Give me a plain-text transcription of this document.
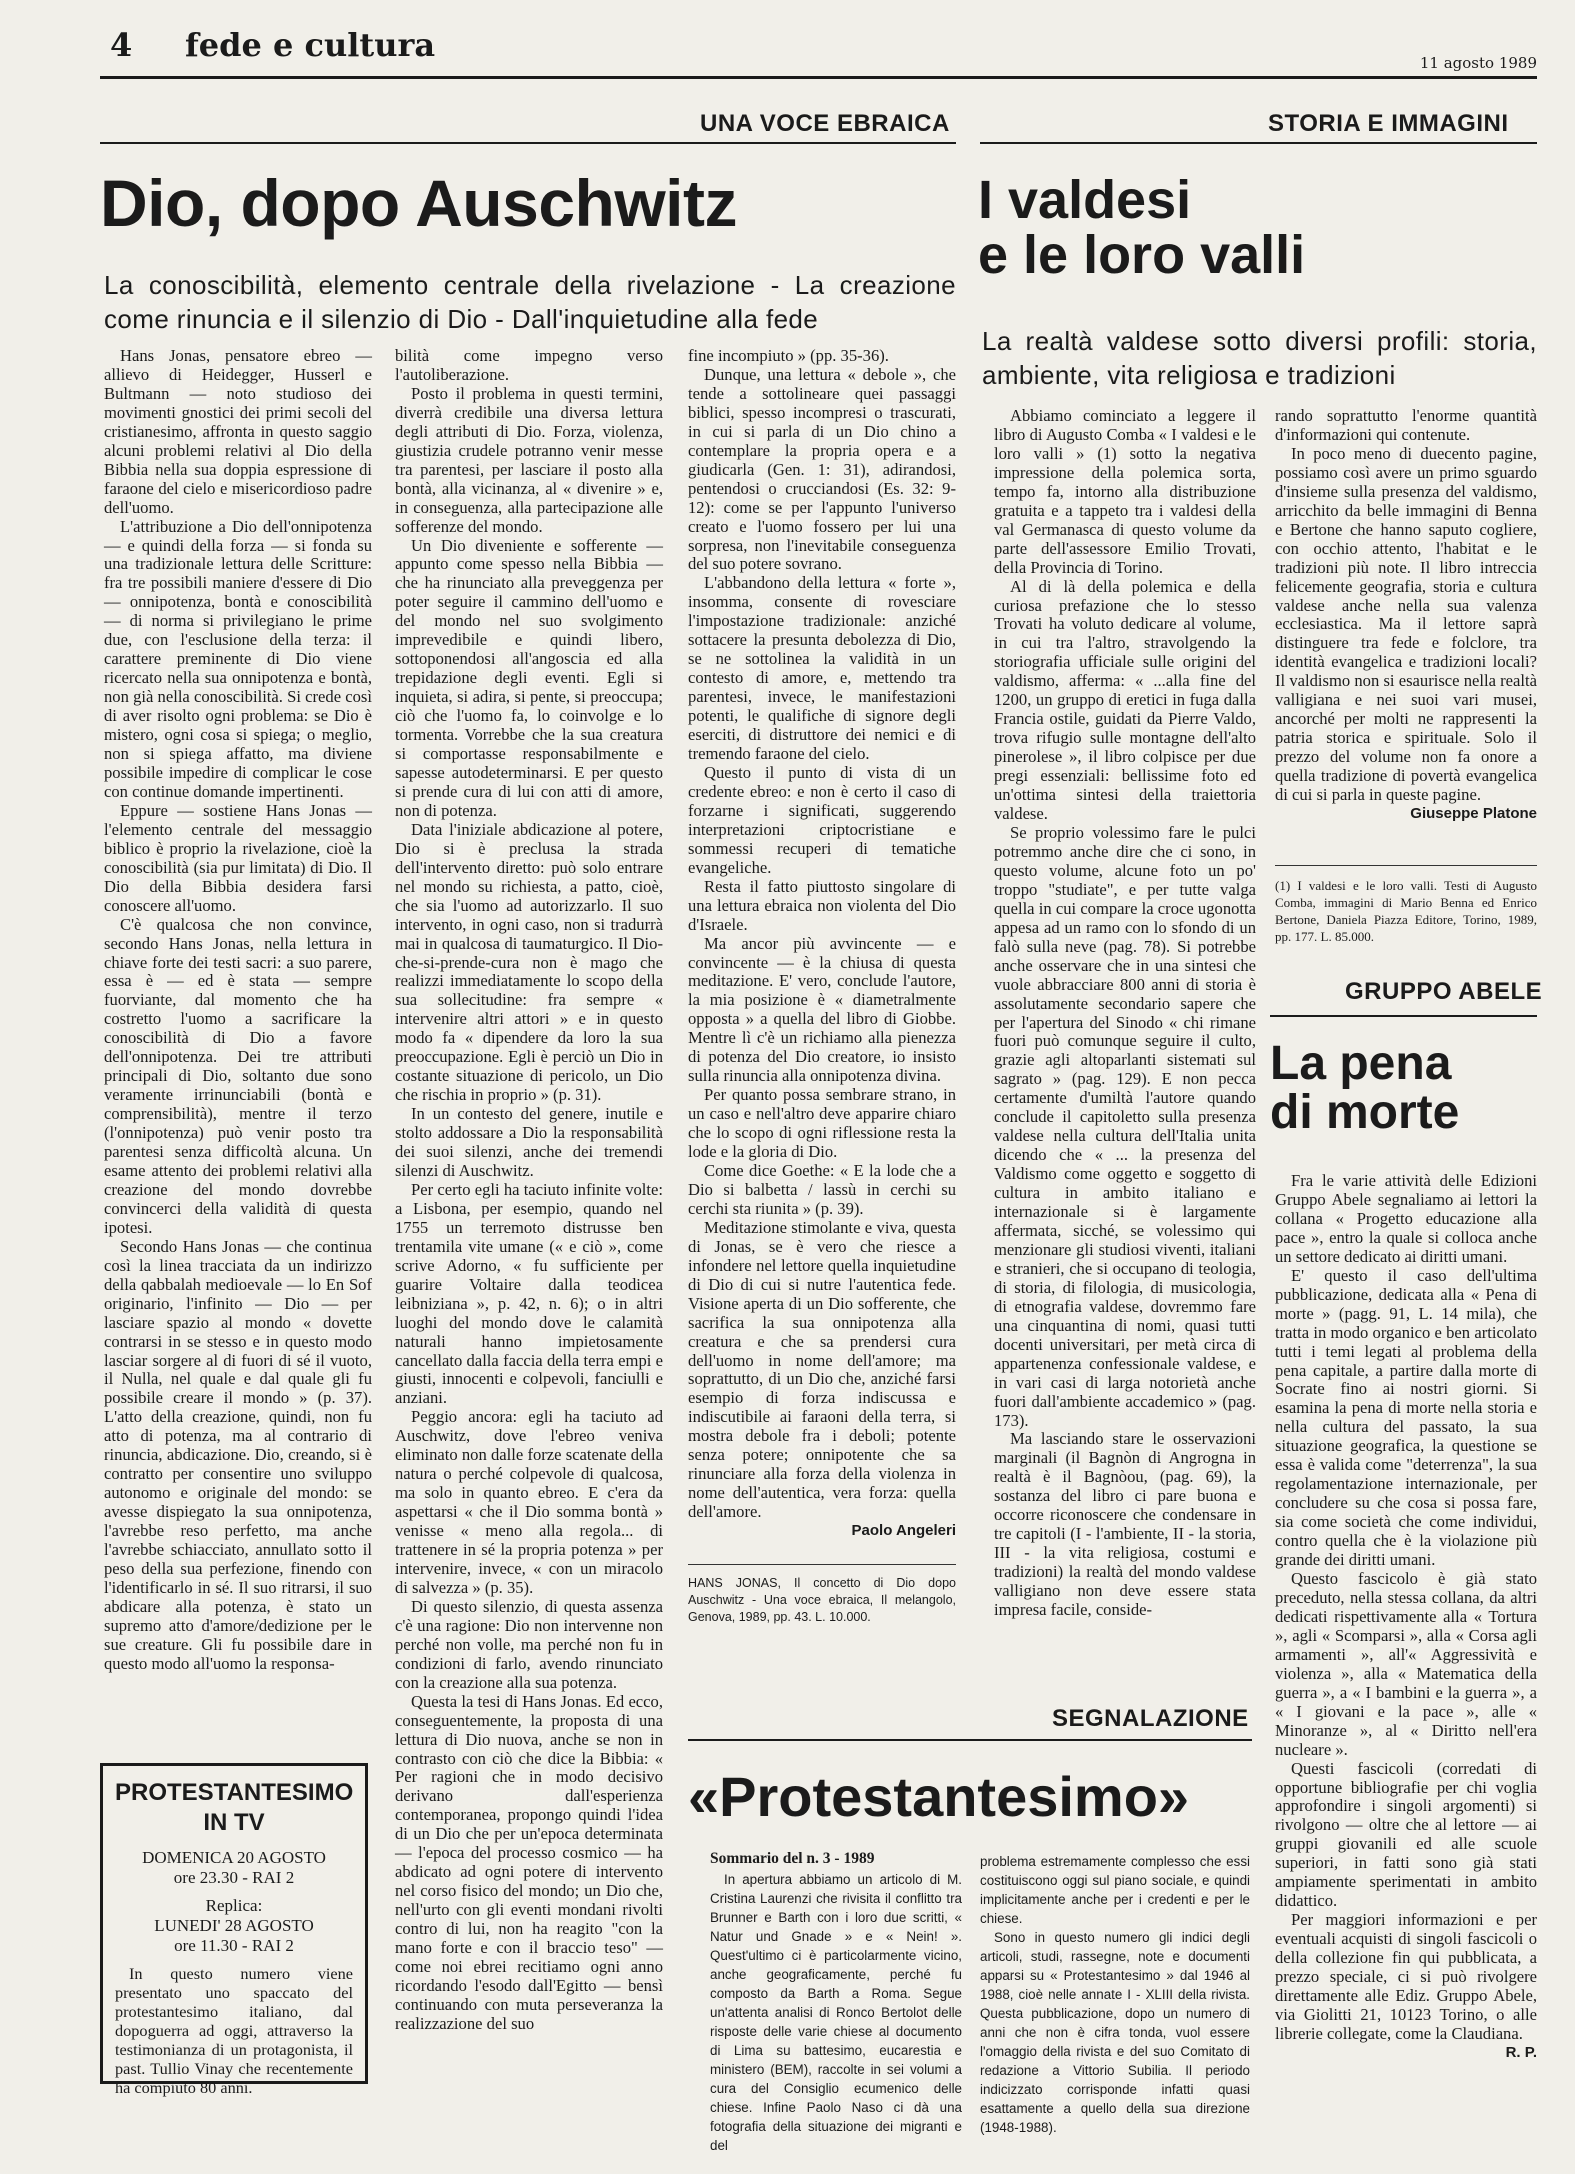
4 fede e cultura	11 agosto 1989
UNA VOCE EBRAICA
Dio, dopo Auschwitz
La conoscibilità, elemento centrale della rivelazione - La creazione come rinuncia e il silenzio di Dio - Dall'inquietudine alla fede

Hans Jonas, pensatore ebreo — allievo di Heidegger, Husserl e Bultmann — noto studioso dei movimenti gnostici dei primi secoli del cristianesimo, affronta in questo saggio alcuni problemi relativi al Dio della Bibbia nella sua doppia espressione di faraone del cielo e misericordioso padre dell'uomo.

L'attribuzione a Dio dell'onnipotenza — e quindi della forza — si fonda su una tradizionale lettura delle Scritture: fra tre possibili maniere d'essere di Dio — onnipotenza, bontà e conoscibilità — di norma si privilegiano le prime due, con l'esclusione della terza: il carattere preminente di Dio viene ricercato nella sua onnipotenza e bontà, non già nella conoscibilità. Si crede così di aver risolto ogni problema: se Dio è mistero, ogni cosa si spiega; o meglio, non si spiega affatto, ma diviene possibile impedire di complicar le cose con continue domande impertinenti.

Eppure — sostiene Hans Jonas — l'elemento centrale del messaggio biblico è proprio la rivelazione, cioè la conoscibilità (sia pur limitata) di Dio. Il Dio della Bibbia desidera farsi conoscere all'uomo.

C'è qualcosa che non convince, secondo Hans Jonas, nella lettura in chiave forte dei testi sacri: a suo parere, essa è — ed è stata — sempre fuorviante, dal momento che ha costretto l'uomo a sacrificare la conoscibilità di Dio a favore dell'onnipotenza. Dei tre attributi principali di Dio, soltanto due sono veramente irrinunciabili (bontà e comprensibilità), mentre il terzo (l'onnipotenza) può venir posto tra parentesi senza difficoltà alcuna. Un esame attento dei problemi relativi alla creazione del mondo dovrebbe convincerci della validità di questa ipotesi.

Secondo Hans Jonas — che continua così la linea tracciata da un indirizzo della qabbalah medioevale — lo En Sof originario, l'infinito — Dio — per lasciare spazio al mondo « dovette contrarsi in se stesso e in questo modo lasciar sorgere al di fuori di sé il vuoto, il Nulla, nel quale e dal quale gli fu possibile creare il mondo » (p. 37). L'atto della creazione, quindi, non fu atto di potenza, ma al contrario di rinuncia, abdicazione. Dio, creando, si è contratto per consentire uno sviluppo autonomo e originale del mondo: se avesse dispiegato la sua onnipotenza, l'avrebbe reso perfetto, ma anche l'avrebbe schiacciato, annullato sotto il peso della sua perfezione, finendo con l'identificarlo in sé. Il suo ritrarsi, il suo abdicare alla potenza, è stato un supremo atto d'amore/dedizione per le sue creature. Gli fu possibile dare in questo modo all'uomo la responsa-

bilità come impegno verso l'autoliberazione.

Posto il problema in questi termini, diverrà credibile una diversa lettura degli attributi di Dio. Forza, violenza, giustizia crudele potranno venir messe tra parentesi, per lasciare il posto alla bontà, alla vicinanza, al « divenire » e, in conseguenza, alla partecipazione alle sofferenze del mondo.

Un Dio diveniente e sofferente — appunto come spesso nella Bibbia — che ha rinunciato alla preveggenza per poter seguire il cammino dell'uomo e del mondo nel suo svolgimento imprevedibile e quindi libero, sottoponendosi all'angoscia ed alla trepidazione degli eventi. Egli si inquieta, si adira, si pente, si preoccupa; ciò che l'uomo fa, lo coinvolge e lo tormenta. Vorrebbe che la sua creatura si comportasse responsabilmente e sapesse autodeterminarsi. E per questo si prende cura di lui con atti di amore, non di potenza.

Data l'iniziale abdicazione al potere, Dio si è preclusa la strada dell'intervento diretto: può solo entrare nel mondo su richiesta, a patto, cioè, che sia l'uomo ad autorizzarlo. Il suo intervento, in ogni caso, non si tradurrà mai in qualcosa di taumaturgico. Il Dio-che-si-prende-cura non è mago che realizzi immediatamente lo scopo della sua sollecitudine: fra sempre « intervenire altri attori » e in questo modo fa « dipendere da loro la sua preoccupazione. Egli è perciò un Dio in costante situazione di pericolo, un Dio che rischia in proprio » (p. 31).

In un contesto del genere, inutile e stolto addossare a Dio la responsabilità dei suoi silenzi, anche dei tremendi silenzi di Auschwitz.

Per certo egli ha taciuto infinite volte: a Lisbona, per esempio, quando nel 1755 un terremoto distrusse ben trentamila vite umane (« e ciò », come scrive Adorno, « fu sufficiente per guarire Voltaire dalla teodicea leibniziana », p. 42, n. 6); o in altri luoghi del mondo dove le calamità naturali hanno impietosamente cancellato dalla faccia della terra empi e giusti, innocenti e colpevoli, fanciulli e anziani.

Peggio ancora: egli ha taciuto ad Auschwitz, dove l'ebreo veniva eliminato non dalle forze scatenate della natura o perché colpevole di qualcosa, ma solo in quanto ebreo. E c'era da aspettarsi « che il Dio somma bontà » venisse « meno alla regola... di trattenere in sé la propria potenza » per intervenire, invece, « con un miracolo di salvezza » (p. 35).

Di questo silenzio, di questa assenza c'è una ragione: Dio non intervenne non perché non volle, ma perché non fu in condizioni di farlo, avendo rinunciato con la creazione alla sua potenza.

Questa la tesi di Hans Jonas. Ed ecco, conseguentemente, la proposta di una lettura di Dio nuova, anche se non in contrasto con ciò che dice la Bibbia: « Per ragioni che in modo decisivo derivano dall'esperienza contemporanea, propongo quindi l'idea di un Dio che per un'epoca determinata — l'epoca del processo cosmico — ha abdicato ad ogni potere di intervento nel corso fisico del mondo; un Dio che, nell'urto con gli eventi mondani rivolti contro di lui, non ha reagito "con la mano forte e con il braccio teso" — come noi ebrei recitiamo ogni anno ricordando l'esodo dall'Egitto — bensì continuando con muta perseveranza la realizzazione del suo

fine incompiuto » (pp. 35-36).

Dunque, una lettura « debole », che tende a sottolineare quei passaggi biblici, spesso incompresi o trascurati, in cui si parla di un Dio chino a contemplare la propria opera e a giudicarla (Gen. 1: 31), adirandosi, pentendosi o crucciandosi (Es. 32: 9-12): come se per l'appunto l'universo creato e l'uomo fossero per lui una sorpresa, non l'inevitabile conseguenza del suo potere sovrano.

L'abbandono della lettura « forte », insomma, consente di rovesciare l'impostazione tradizionale: anziché sottacere la presunta debolezza di Dio, se ne sottolinea la validità in un contesto di amore, e, mettendo tra parentesi, invece, le manifestazioni potenti, le qualifiche di signore degli eserciti, di distruttore dei nemici e di tremendo faraone del cielo.

Questo il punto di vista di un credente ebreo: e non è certo il caso di forzarne i significati, suggerendo interpretazioni criptocristiane e sommessi recuperi di tematiche evangeliche.

Resta il fatto piuttosto singolare di una lettura ebraica non violenta del Dio d'Israele.

Ma ancor più avvincente — e convincente — è la chiusa di questa meditazione. E' vero, conclude l'autore, la mia posizione è « diametralmente opposta » a quella del libro di Giobbe. Mentre lì c'è un richiamo alla pienezza di potenza del Dio creatore, io insisto sulla rinuncia alla onnipotenza divina.

Per quanto possa sembrare strano, in un caso e nell'altro deve apparire chiaro che lo scopo di ogni riflessione resta la lode e la gloria di Dio.

Come dice Goethe: « E la lode che a Dio si balbetta / lassù in cerchi su cerchi sta riunita » (p. 39).

Meditazione stimolante e viva, questa di Jonas, se è vero che riesce a infondere nel lettore quella inquietudine di Dio di cui si nutre l'autentica fede. Visione aperta di un Dio sofferente, che sacrifica la sua onnipotenza alla creatura e che sa prendersi cura dell'uomo in nome dell'amore; ma soprattutto, di un Dio che, anziché farsi esempio di forza indiscussa e indiscutibile ai faraoni della terra, si mostra debole fra i deboli; potente senza potere; onnipotente che sa rinunciare alla forza della violenza in nome dell'autentica, vera forza: quella dell'amore.

Paolo Angeleri

HANS JONAS, Il concetto di Dio dopo Auschwitz - Una voce ebraica, Il melangolo, Genova, 1989, pp. 43. L. 10.000.
PROTESTANTESIMO
IN TV
DOMENICA 20 AGOSTO
ore 23.30 - RAI 2
Replica:
LUNEDI' 28 AGOSTO
ore 11.30 - RAI 2

In questo numero viene presentato uno spaccato del protestantesimo italiano, dal dopoguerra ad oggi, attraverso la testimonianza di un protagonista, il past. Tullio Vinay che recentemente ha compiuto 80 anni.

STORIA E IMMAGINI
I valdesi
e le loro valli
La realtà valdese sotto diversi profili: storia, ambiente, vita religiosa e tradizioni

Abbiamo cominciato a leggere il libro di Augusto Comba « I valdesi e le loro valli » (1) sotto la negativa impressione della polemica sorta, tempo fa, intorno alla distribuzione gratuita e a tappeto tra i valdesi della val Germanasca di questo volume da parte dell'assessore Emilio Trovati, della Provincia di Torino.

Al di là della polemica e della curiosa prefazione che lo stesso Trovati ha voluto dedicare al volume, in cui tra l'altro, stravolgendo la storiografia ufficiale sulle origini del valdismo, afferma: « ...alla fine del 1200, un gruppo di eretici in fuga dalla Francia ostile, guidati da Pierre Valdo, trova rifugio sulle montagne dell'alto pinerolese », il libro colpisce per due pregi essenziali: bellissime foto ed un'ottima sintesi della traiettoria valdese.

Se proprio volessimo fare le pulci potremmo anche dire che ci sono, in questo volume, alcune foto un po' troppo "studiate", e per tutte valga quella in cui compare la croce ugonotta appesa ad un ramo con lo sfondo di un falò sulla neve (pag. 78). Si potrebbe anche osservare che in una sintesi che vuole abbracciare 800 anni di storia è assolutamente secondario sapere che per l'apertura del Sinodo « chi rimane fuori può comunque seguire il culto, grazie agli altoparlanti sistemati sul sagrato » (pag. 129). E non pecca certamente d'umiltà l'autore quando conclude il capitoletto sulla presenza valdese nella cultura dell'Italia unita dicendo che « ... la presenza del Valdismo come oggetto e soggetto di cultura in ambito italiano e internazionale si è largamente affermata, sicché, se volessimo qui menzionare gli studiosi viventi, italiani e stranieri, che si occupano di teologia, di storia, di filologia, di musicologia, di etnografia valdese, dovremmo fare una cinquantina di nomi, quasi tutti docenti universitari, per metà circa di appartenenza confessionale valdese, e in vari casi di larga notorietà anche fuori dall'ambiente accademico » (pag. 173).

Ma lasciando stare le osservazioni marginali (il Bagnòn di Angrogna in realtà è il Bagnòou, (pag. 69), la sostanza del libro ci pare buona e occorre riconoscere che condensare in tre capitoli (I - l'ambiente, II - la storia, III - la vita religiosa, costumi e tradizioni) la realtà del mondo valdese valligiano non deve essere stata impresa facile, conside-

rando soprattutto l'enorme quantità d'informazioni qui contenute.

In poco meno di duecento pagine, possiamo così avere un primo sguardo d'insieme sulla presenza del valdismo, arricchito da belle immagini di Benna e Bertone che hanno saputo cogliere, con occhio attento, l'habitat e le tradizioni più note. Il libro intreccia felicemente geografia, storia e cultura valdese anche nella sua valenza ecclesiastica. Ma il lettore saprà distinguere tra fede e folclore, tra identità evangelica e tradizioni locali? Il valdismo non si esaurisce nella realtà valligiana e nei suoi vari musei, ancorché per molti ne rappresenti la patria storica e spirituale. Solo il prezzo del volume non fa onore a quella tradizione di povertà evangelica di cui si parla in queste pagine.

Giuseppe Platone

(1) I valdesi e le loro valli. Testi di Augusto Comba, immagini di Mario Benna ed Enrico Bertone, Daniela Piazza Editore, Torino, 1989, pp. 177. L. 85.000.
GRUPPO ABELE
La pena
di morte

Fra le varie attività delle Edizioni Gruppo Abele segnaliamo ai lettori la collana « Progetto educazione alla pace », entro la quale si colloca anche un settore dedicato ai diritti umani.

E' questo il caso dell'ultima pubblicazione, dedicata alla « Pena di morte » (pagg. 91, L. 14 mila), che tratta in modo organico e ben articolato tutti i temi legati al problema della pena capitale, a partire dalla morte di Socrate fino ai nostri giorni. Si esamina la pena di morte nella storia e nella cultura del passato, la sua situazione geografica, la questione se essa è valida come "deterrenza", la sua regolamentazione internazionale, per concludere su che cosa si possa fare, sia come società che come individui, contro quella che è la violazione più grande dei diritti umani.

Questo fascicolo è già stato preceduto, nella stessa collana, da altri dedicati rispettivamente alla « Tortura », agli « Scomparsi », alla « Corsa agli armamenti », all'« Aggressività e violenza », alla « Matematica della guerra », a « I bambini e la guerra », a « I giovani e la pace », alle « Minoranze », al « Diritto nell'era nucleare ».

Questi fascicoli (corredati di opportune bibliografie per chi voglia approfondire i singoli argomenti) si rivolgono — oltre che al lettore — ai gruppi giovanili ed alle scuole superiori, in fatti sono già stati ampiamente sperimentati in ambito didattico.

Per maggiori informazioni e per eventuali acquisti di singoli fascicoli o della collezione fin qui pubblicata, a prezzo speciale, ci si può rivolgere direttamente alle Ediz. Gruppo Abele, via Giolitti 21, 10123 Torino, o alle librerie collegate, come la Claudiana.

R. P.

SEGNALAZIONE
«Protestantesimo»
Sommario del n. 3 - 1989

In apertura abbiamo un articolo di M. Cristina Laurenzi che rivisita il conflitto tra Brunner e Barth con i loro due scritti, « Natur und Gnade » e « Nein! ». Quest'ultimo ci è particolarmente vicino, anche geograficamente, perché fu composto da Barth a Roma. Segue un'attenta analisi di Ronco Bertolot delle risposte delle varie chiese al documento di Lima su battesimo, eucarestia e ministero (BEM), raccolte in sei volumi a cura del Consiglio ecumenico delle chiese. Infine Paolo Naso ci dà una fotografia della situazione dei migranti e del

problema estremamente complesso che essi costituiscono oggi sul piano sociale, e quindi implicitamente anche per i credenti e per le chiese.

Sono in questo numero gli indici degli articoli, studi, rassegne, note e documenti apparsi su « Protestantesimo » dal 1946 al 1988, cioè nelle annate I - XLIII della rivista. Questa pubblicazione, dopo un numero di anni che non è cifra tonda, vuol essere l'omaggio della rivista e del suo Comitato di redazione a Vittorio Subilia. Il periodo indicizzato corrisponde infatti quasi esattamente a quello della sua direzione (1948-1988).
